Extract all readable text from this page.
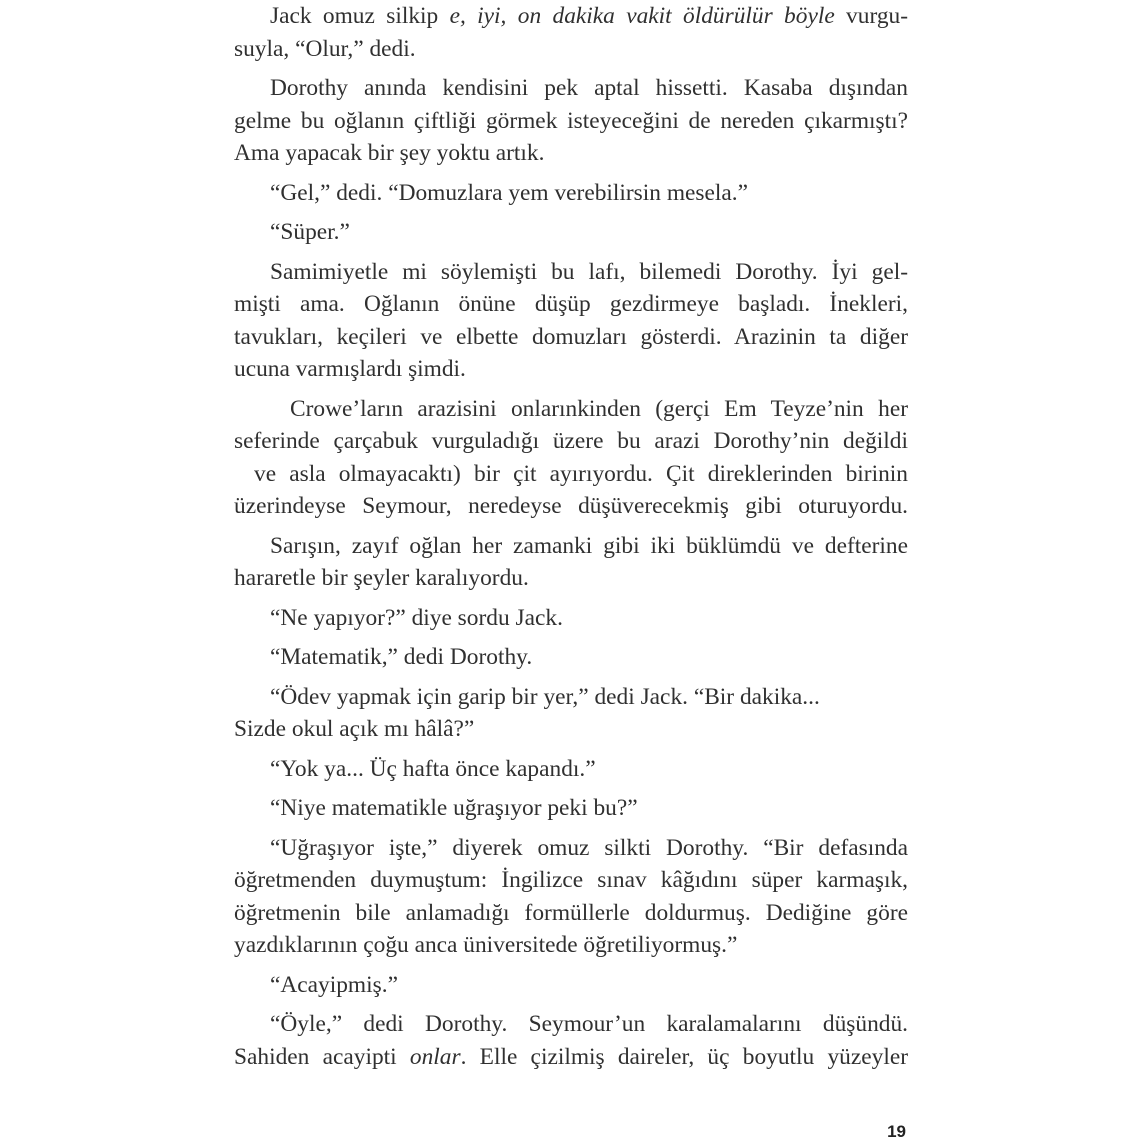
Jack omuz silkip e, iyi, on dakika vakit öldürülür böyle vurgu-
suyla, “Olur,” dedi.
Dorothy anında kendisini pek aptal hissetti. Kasaba dışından
gelme bu oğlanın çiftliği görmek isteyeceğini de nereden çıkarmıştı?
Ama yapacak bir şey yoktu artık.
“Gel,” dedi. “Domuzlara yem verebilirsin mesela.”
“Süper.”
Samimiyetle mi söylemişti bu lafı, bilemedi Dorothy. İyi gel-
mişti ama. Oğlanın önüne düşüp gezdirmeye başladı. İnekleri,
tavukları, keçileri ve elbette domuzları gösterdi. Arazinin ta diğer
ucuna varmışlardı şimdi.
Crowe’ların arazisini onlarınkinden (gerçi Em Teyze’nin her
seferinde çarçabuk vurguladığı üzere bu arazi Dorothy’nin değildi
ve asla olmayacaktı) bir çit ayırıyordu. Çit direklerinden birinin
üzerindeyse Seymour, neredeyse düşüverecekmiş gibi oturuyordu.
Sarışın, zayıf oğlan her zamanki gibi iki büklümdü ve defterine
hararetle bir şeyler karalıyordu.
“Ne yapıyor?” diye sordu Jack.
“Matematik,” dedi Dorothy.
“Ödev yapmak için garip bir yer,” dedi Jack. “Bir dakika...
Sizde okul açık mı hâlâ?”
“Yok ya... Üç hafta önce kapandı.”
“Niye matematikle uğraşıyor peki bu?”
“Uğraşıyor işte,” diyerek omuz silkti Dorothy. “Bir defasında
öğretmenden duymuştum: İngilizce sınav kâğıdını süper karmaşık,
öğretmenin bile anlamadığı formüllerle doldurmuş. Dediğine göre
yazdıklarının çoğu anca üniversitede öğretiliyormuş.”
“Acayipmiş.”
“Öyle,” dedi Dorothy. Seymour’un karalamalarını düşündü.
Sahiden acayipti onlar. Elle çizilmiş daireler, üç boyutlu yüzeyler
19
